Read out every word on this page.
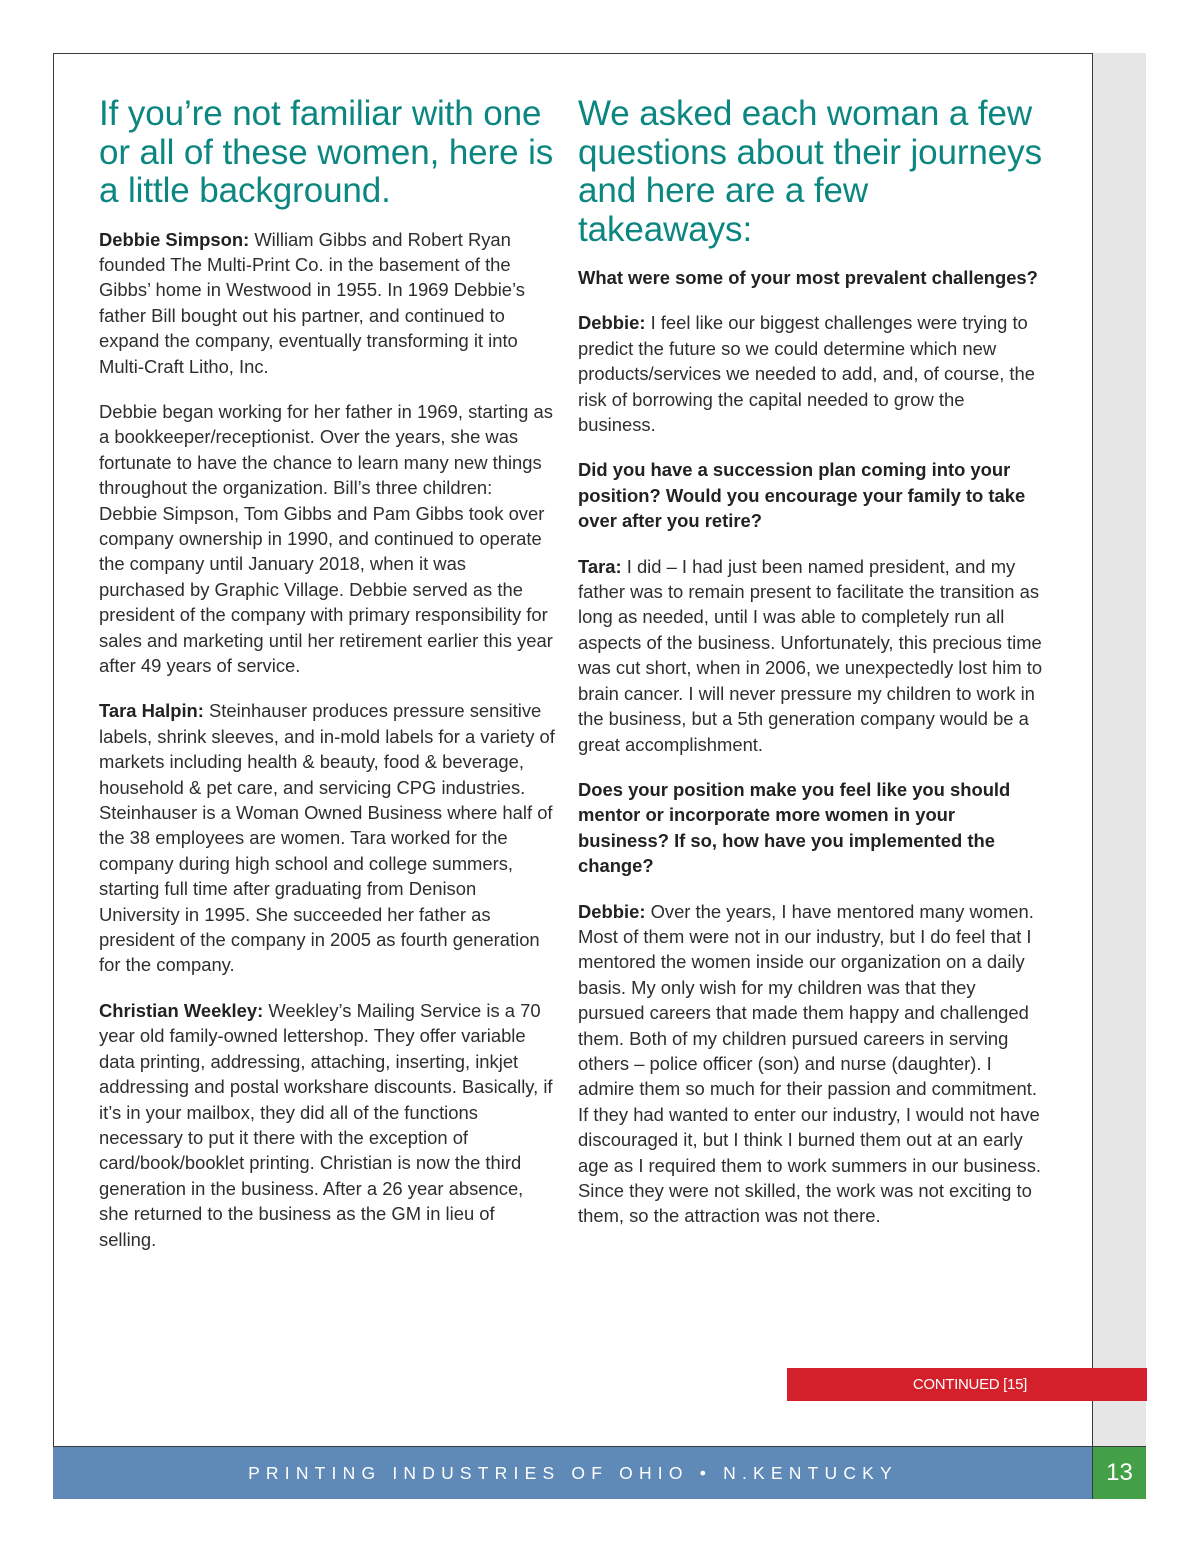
If you’re not familiar with one or all of these women, here is a little background.

Debbie Simpson: William Gibbs and Robert Ryan founded The Multi-Print Co. in the basement of the Gibbs’ home in Westwood in 1955. In 1969 Debbie’s father Bill bought out his partner, and continued to expand the company, eventually transforming it into Multi-Craft Litho, Inc.

Debbie began working for her father in 1969, starting as a bookkeeper/receptionist. Over the years, she was fortunate to have the chance to learn many new things throughout the organization. Bill’s three children: Debbie Simpson, Tom Gibbs and Pam Gibbs took over company ownership in 1990, and continued to operate the company until January 2018, when it was purchased by Graphic Village. Debbie served as the president of the company with primary responsibility for sales and marketing until her retirement earlier this year after 49 years of service.

Tara Halpin: Steinhauser produces pressure sensitive labels, shrink sleeves, and in-mold labels for a variety of markets including health & beauty, food & beverage, household & pet care, and servicing CPG industries. Steinhauser is a Woman Owned Business where half of the 38 employees are women. Tara worked for the company during high school and college summers, starting full time after graduating from Denison University in 1995. She succeeded her father as president of the company in 2005 as fourth generation for the company.

Christian Weekley: Weekley’s Mailing Service is a 70 year old family-owned lettershop. They offer variable data printing, addressing, attaching, inserting, inkjet addressing and postal workshare discounts. Basically, if it’s in your mailbox, they did all of the functions necessary to put it there with the exception of card/book/booklet printing. Christian is now the third generation in the business. After a 26 year absence, she returned to the business as the GM in lieu of selling.

We asked each woman a few questions about their journeys and here are a few takeaways:

What were some of your most prevalent challenges?

Debbie: I feel like our biggest challenges were trying to predict the future so we could determine which new products/services we needed to add, and, of course, the risk of borrowing the capital needed to grow the business.

Did you have a succession plan coming into your position? Would you encourage your family to take over after you retire?

Tara: I did – I had just been named president, and my father was to remain present to facilitate the transition as long as needed, until I was able to completely run all aspects of the business. Unfortunately, this precious time was cut short, when in 2006, we unexpectedly lost him to brain cancer. I will never pressure my children to work in the business, but a 5th generation company would be a great accomplishment.

Does your position make you feel like you should mentor or incorporate more women in your business? If so, how have you implemented the change?

Debbie: Over the years, I have mentored many women. Most of them were not in our industry, but I do feel that I mentored the women inside our organization on a daily basis. My only wish for my children was that they pursued careers that made them happy and challenged them. Both of my children pursued careers in serving others – police officer (son) and nurse (daughter). I admire them so much for their passion and commitment. If they had wanted to enter our industry, I would not have discouraged it, but I think I burned them out at an early age as I required them to work summers in our business. Since they were not skilled, the work was not exciting to them, so the attraction was not there.

CONTINUED [15]
PRINTING INDUSTRIES OF OHIO • N.KENTUCKY	13
